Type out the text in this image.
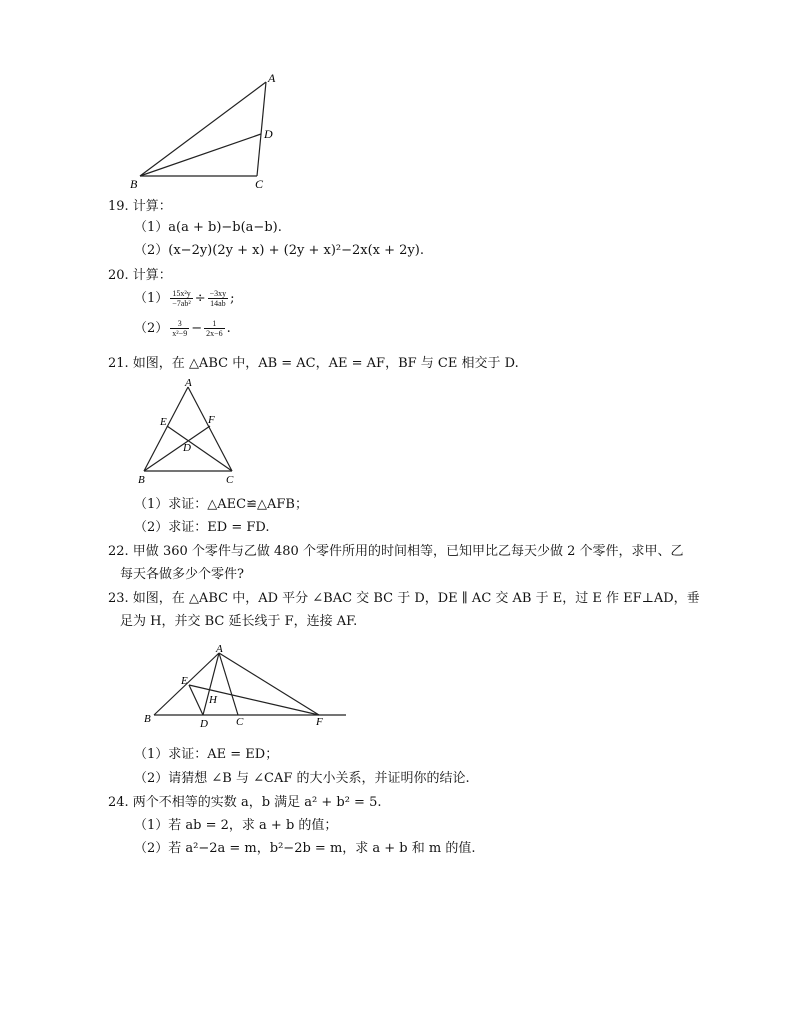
A
D
B	C
19. 计算：
（1）a(a + b)−b(a−b).
（2）(x−2y)(2y + x) + (2y + x)²−2x(x + 2y).
20. 计算：
$(1) \frac{\text{15x²y}}{\text{−7ab²}} \div \frac{-3xy}{14ab}$ ;
$(2) \frac{3}{\text{x²−9}} - \frac{1}{2x-6}$ .
21. 如图，在 △ABC 中，AB = AC，AE = AF，BF 与 CE 相交于 D.
A
E	F
D
B	C
（1）求证：△AEC≌△AFB；
（2）求证：ED = FD.
22. 甲做 360 个零件与乙做 480 个零件所用的时间相等，已知甲比乙每天少做 2 个零件，求甲、乙
每天各做多少个零件?
23. 如图，在 △ABC 中，AD 平分 ∠BAC 交 BC 于 D，DE ∥ AC 交 AB 于 E，过 E 作 EF⊥AD，垂
足为 H，并交 BC 延长线于 F，连接 AF.
A
E
H
B	D	C	F
（1）求证：AE = ED；
（2）请猜想 ∠B 与 ∠CAF 的大小关系，并证明你的结论.
24. 两个不相等的实数 a，b 满足 a² + b² = 5.
（1）若 ab = 2，求 a + b 的值；
（2）若 a²−2a = m，b²−2b = m，求 a + b 和 m 的值.
